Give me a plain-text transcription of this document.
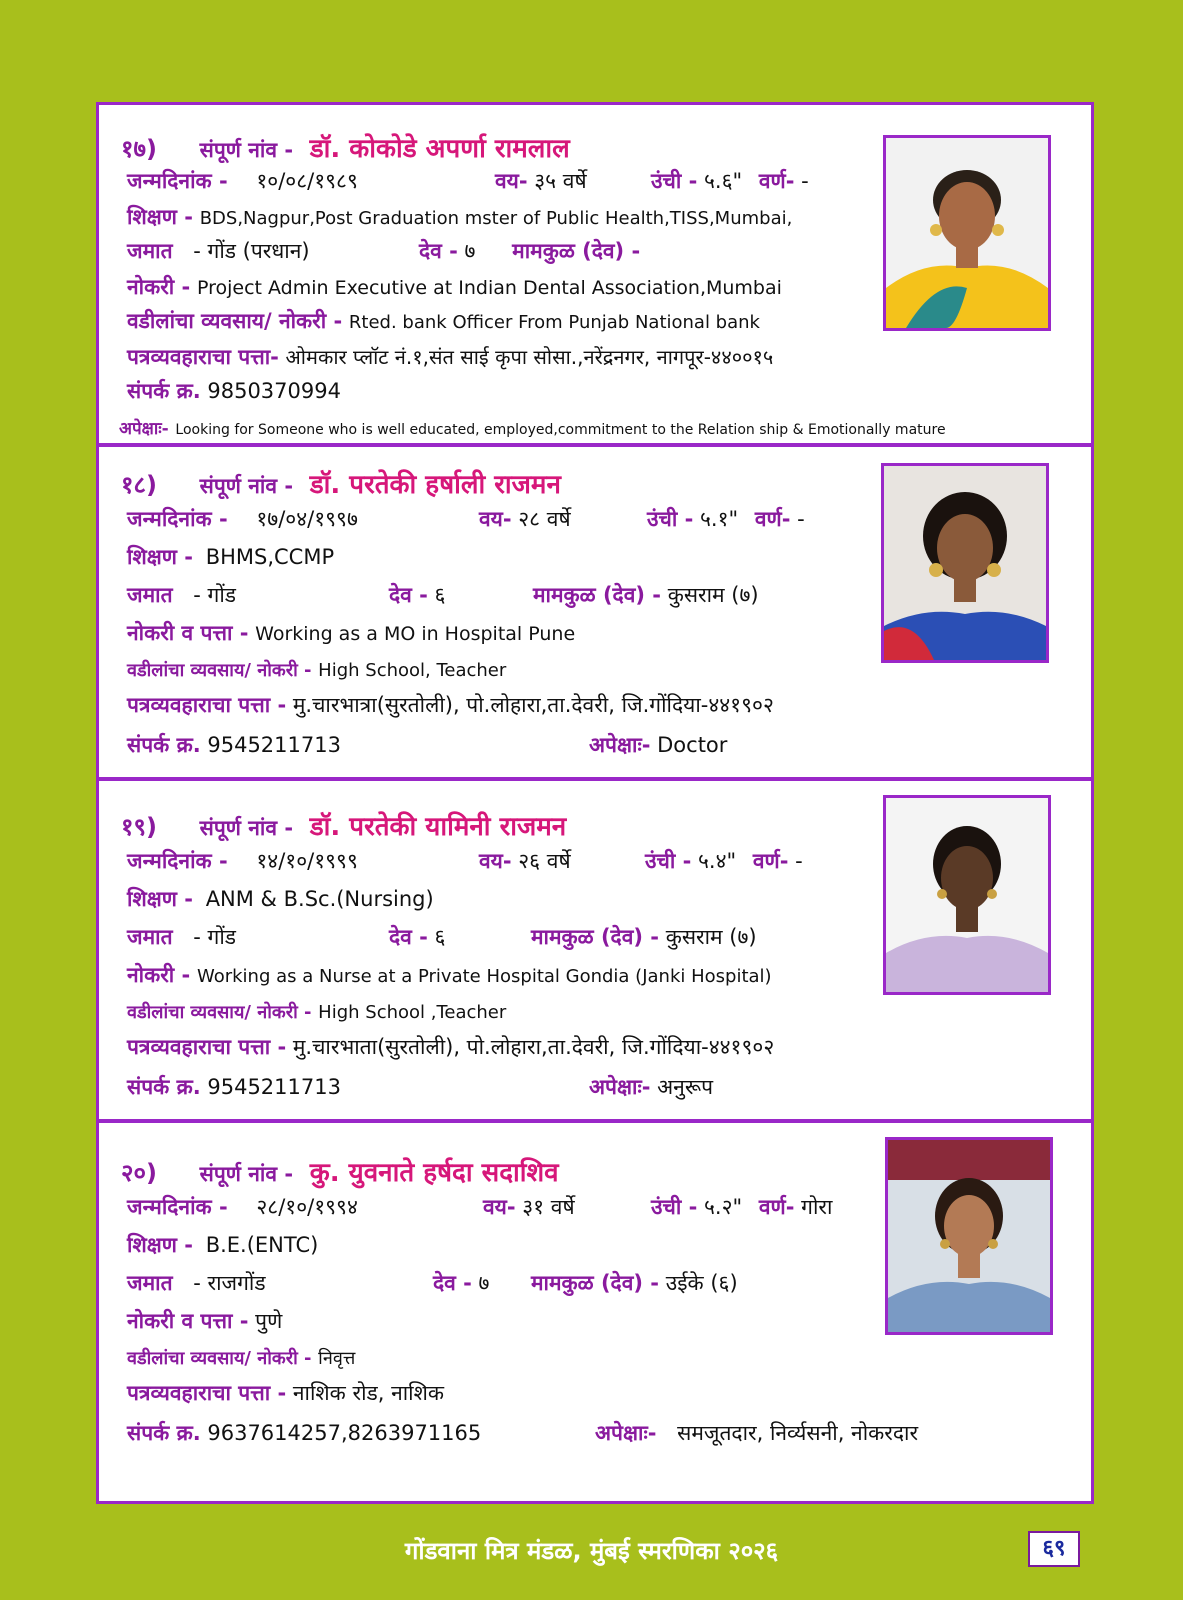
१७) संपूर्ण नांव - डॉ. कोकोडे अपर्णा रामलाल
जन्मदिनांक - १०/०८/१९८९	वय- ३५ वर्षे	उंची - ५.६" वर्ण- -
शिक्षण - BDS,Nagpur,Post Graduation mster of Public Health,TISS,Mumbai,
जमात - गोंड (परधान)	देव - ७ मामकुळ (देव) -
नोकरी - Project Admin Executive at Indian Dental Association,Mumbai
वडीलांचा व्यवसाय/ नोकरी - Rted. bank Officer From Punjab National bank
पत्रव्यवहाराचा पत्ता- ओमकार प्लॉट नं.१,संत साई कृपा सोसा.,नरेंद्रनगर, नागपूर-४४००१५
संपर्क क्र. 9850370994
अपेक्षाः- Looking for Someone who is well educated, employed,commitment to the Relation ship & Emotionally mature
१८) संपूर्ण नांव - डॉ. परतेकी हर्षाली राजमन
जन्मदिनांक - १७/०४/१९९७	वय- २८ वर्षे	उंची - ५.१" वर्ण- -
शिक्षण - BHMS,CCMP
जमात - गोंड	देव - ६	मामकुळ (देव) - कुसराम (७)
नोकरी व पत्ता - Working as a MO in Hospital Pune
वडीलांचा व्यवसाय/ नोकरी - High School, Teacher
पत्रव्यवहाराचा पत्ता - मु.चारभात्रा(सुरतोली), पो.लोहारा,ता.देवरी, जि.गोंदिया-४४१९०२
संपर्क क्र. 9545211713	अपेक्षाः- Doctor
१९) संपूर्ण नांव - डॉ. परतेकी यामिनी राजमन
जन्मदिनांक - १४/१०/१९९९	वय- २६ वर्षे	उंची - ५.४" वर्ण- -
शिक्षण - ANM & B.Sc.(Nursing)
जमात - गोंड	देव - ६	मामकुळ (देव) - कुसराम (७)
नोकरी - Working as a Nurse at a Private Hospital Gondia (Janki Hospital)
वडीलांचा व्यवसाय/ नोकरी - High School ,Teacher
पत्रव्यवहाराचा पत्ता - मु.चारभाता(सुरतोली), पो.लोहारा,ता.देवरी, जि.गोंदिया-४४१९०२
संपर्क क्र. 9545211713	अपेक्षाः- अनुरूप
२०) संपूर्ण नांव - कु. युवनाते हर्षदा सदाशिव
जन्मदिनांक - २८/१०/१९९४	वय- ३१ वर्षे	उंची - ५.२" वर्ण- गोरा
शिक्षण - B.E.(ENTC)
जमात - राजगोंड	देव - ७ मामकुळ (देव) - उईके (६)
नोकरी व पत्ता - पुणे
वडीलांचा व्यवसाय/ नोकरी - निवृत्त
पत्रव्यवहाराचा पत्ता - नाशिक रोड, नाशिक
संपर्क क्र. 9637614257,8263971165	अपेक्षाः- समजूतदार, निर्व्यसनी, नोकरदार
गोंडवाना मित्र मंडळ, मुंबई स्मरणिका २०२६	६९
